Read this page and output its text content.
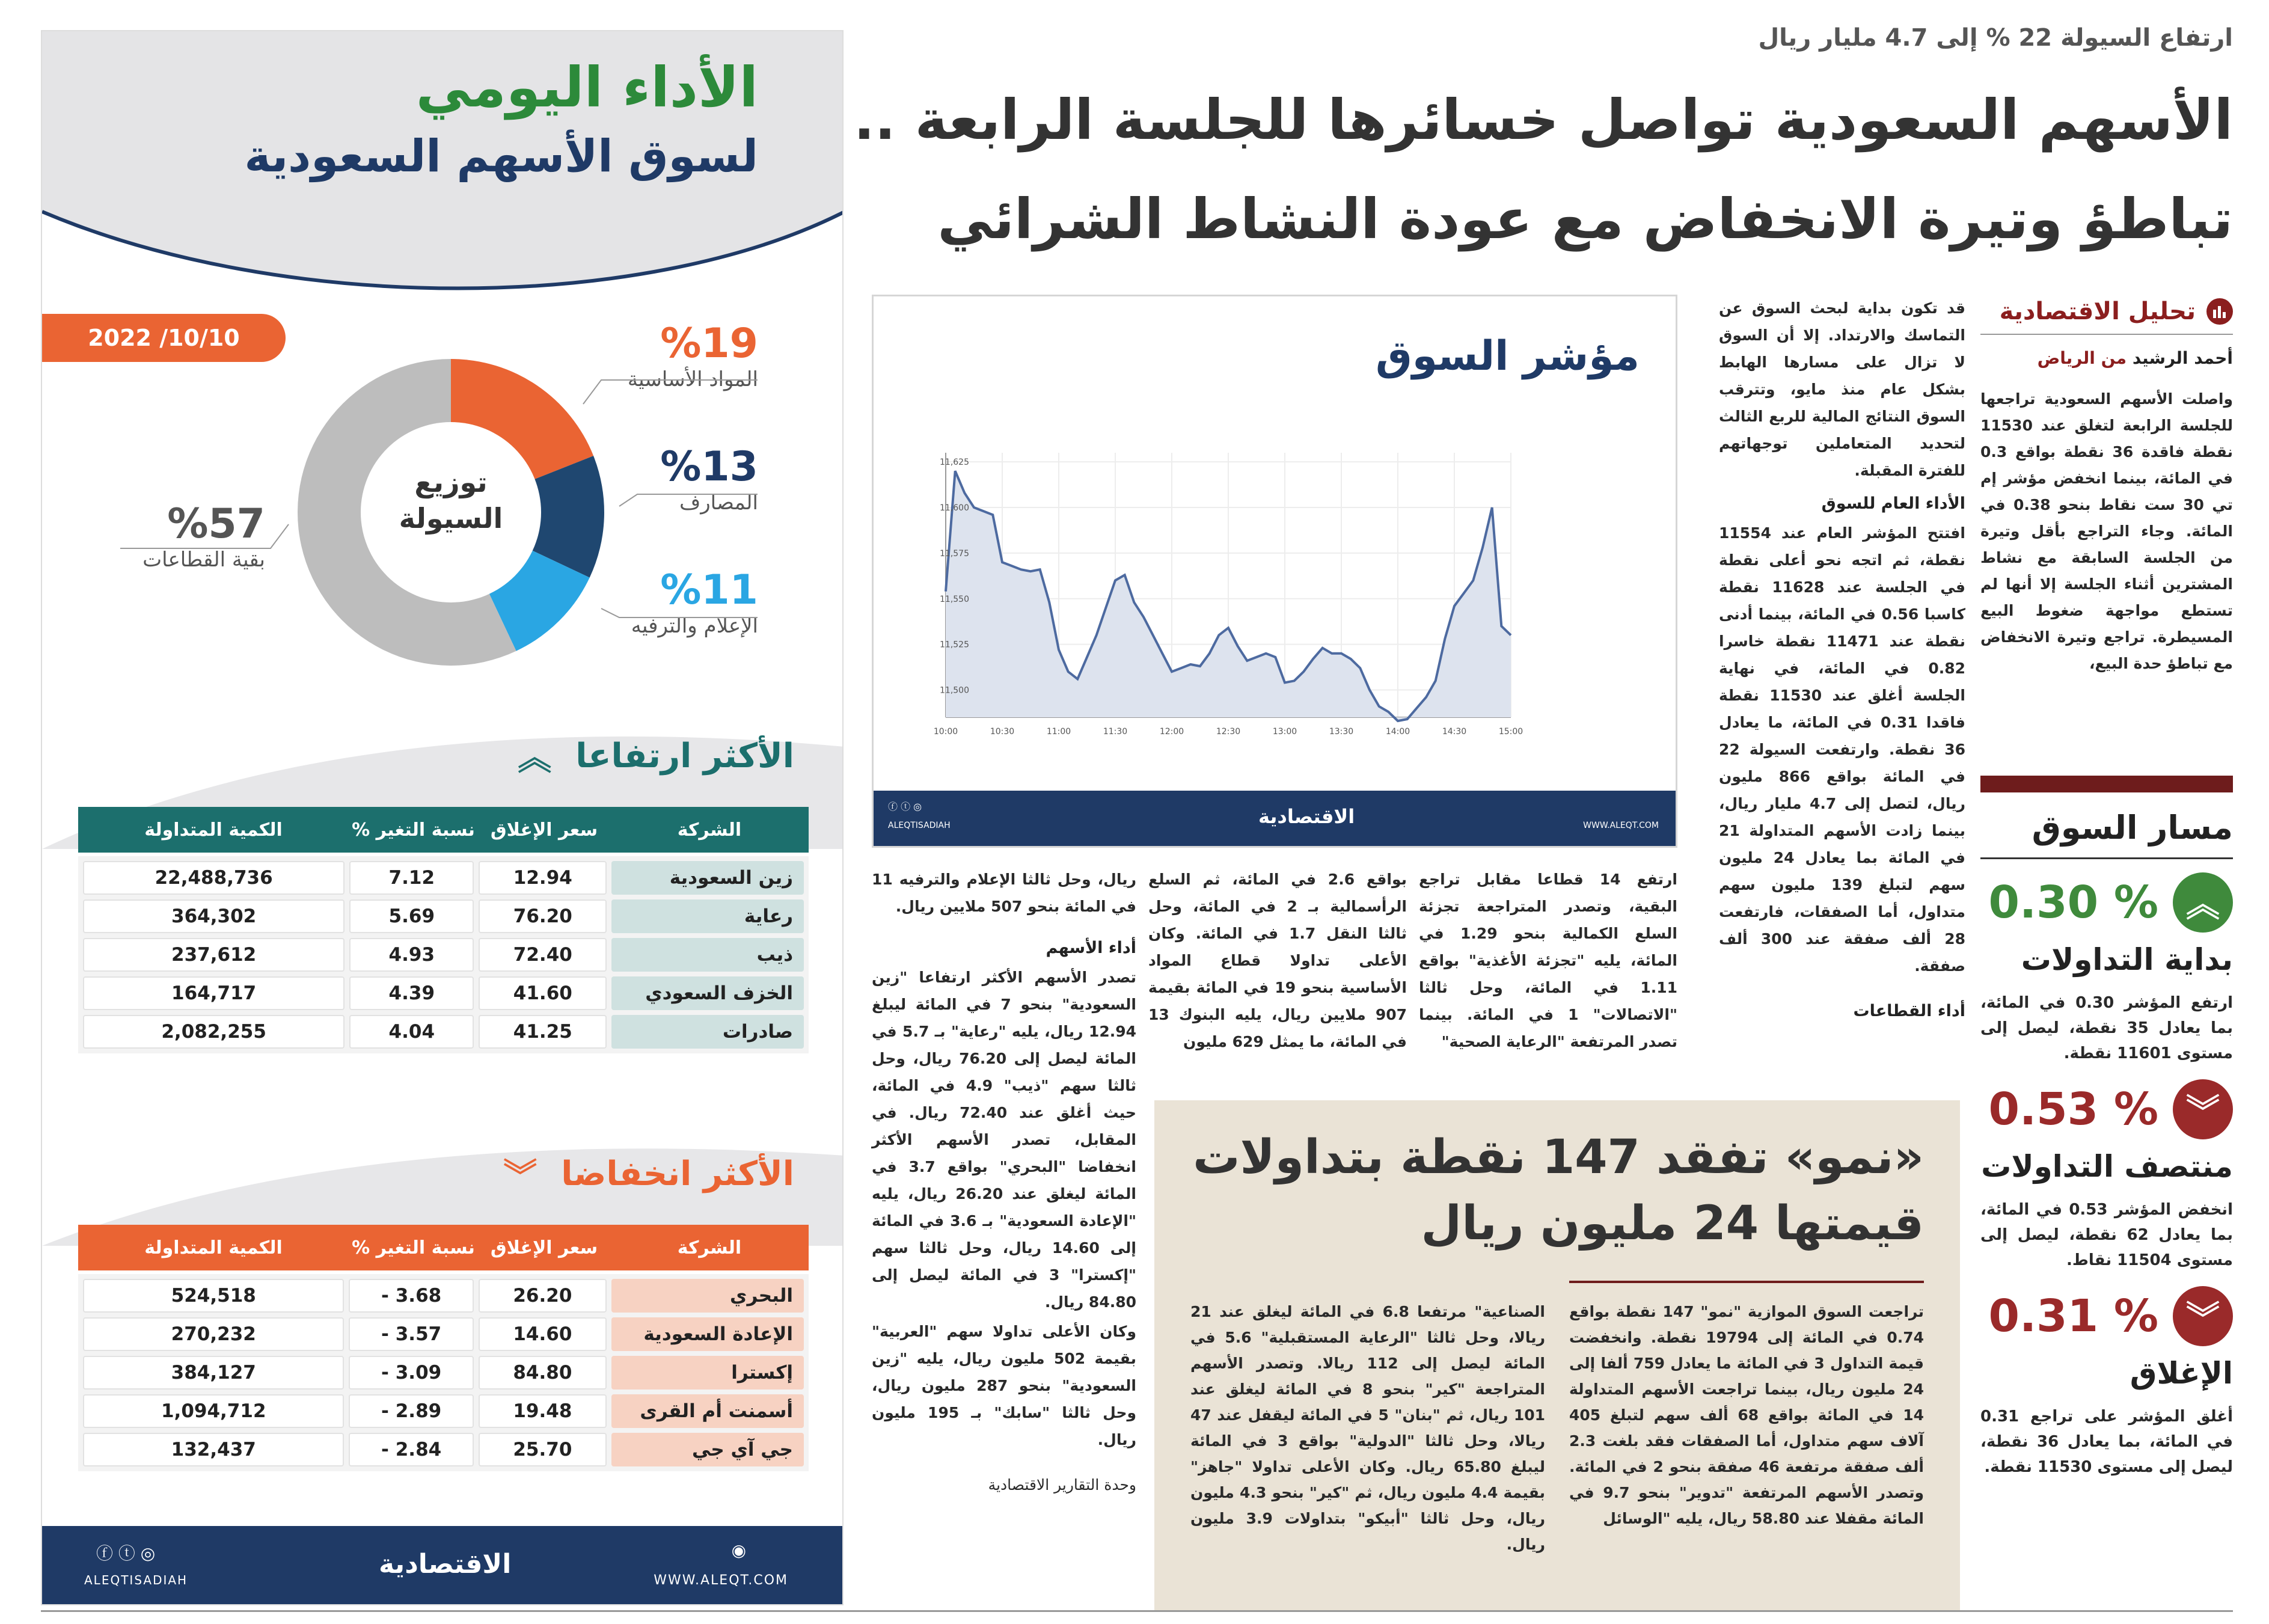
ارتفاع السيولة 22 % إلى 4.7 مليار ريال
الأسهم السعودية تواصل خسائرها للجلسة الرابعة ..
تباطؤ وتيرة الانخفاض مع عودة النشاط الشرائي
تحليل الاقتصادية
أحمد الرشيد من الرياض

واصلت الأسهم السعودية تراجعها للجلسة الرابعة لتغلق عند 11530 نقطة فاقدة 36 نقطة بواقع 0.3 في المائة، بينما انخفض مؤشر إم تي 30 ست نقاط بنحو 0.38 في المائة. وجاء التراجع بأقل وتيرة من الجلسة السابقة مع نشاط المشترين أثناء الجلسة إلا أنها لم تستطع مواجهة ضغوط البيع المسيطرة. تراجع وتيرة الانخفاض مع تباطؤ حدة البيع،

مسار السوق
︽
% 0.30
بداية التداولات

ارتفع المؤشر 0.30 في المائة، بما يعادل 35 نقطة، ليصل إلى مستوى 11601 نقطة.

︾
% 0.53
منتصف التداولات

انخفض المؤشر 0.53 في المائة، بما يعادل 62 نقطة، ليصل إلى مستوى 11504 نقاط.

︾
% 0.31
الإغلاق

أغلق المؤشر على تراجع 0.31 في المائة، بما يعادل 36 نقطة، ليصل إلى مستوى 11530 نقطة.

قد تكون بداية لبحث السوق عن التماسك والارتداد. إلا أن السوق لا تزال على مسارها الهابط بشكل عام منذ مايو، وتترقب السوق النتائج المالية للربع الثالث لتحديد المتعاملين توجهاتهم للفترة المقبلة.

الأداء العام للسوق

افتتح المؤشر العام عند 11554 نقطة، ثم اتجه نحو أعلى نقطة في الجلسة عند 11628 نقطة كاسبا 0.56 في المائة، بينما أدنى نقطة عند 11471 نقطة خاسرا 0.82 في المائة، في نهاية الجلسة أغلق عند 11530 نقطة فاقدا 0.31 في المائة، ما يعادل 36 نقطة. وارتفعت السيولة 22 في المائة بواقع 866 مليون ريال، لتصل إلى 4.7 مليار ريال، بينما زادت الأسهم المتداولة 21 في المائة بما يعادل 24 مليون سهم لتبلغ 139 مليون سهم متداول، أما الصفقات، فارتفعت 28 ألف صفقة عند 300 ألف صفقة.

أداء القطاعات
مؤشر السوق
11,500
11,525
11,550
11,575
11,600
11,625
10:00	10:30	11:00	11:30	12:00	12:30	13:00	13:30	14:00	14:30	15:00
الاقتصادية
◎ ⓕ ⓣ
ALEQTISADIAH	WWW.ALEQT.COM
ارتفع 14 قطاعا مقابل تراجع البقية، وتصدر المتراجعة تجزئة السلع الكمالية بنحو 1.29 في المائة، يليه "تجزئة الأغذية" بواقع 1.11 في المائة، وحل ثالثا "الاتصالات" 1 في المائة. بينما تصدر المرتفعة "الرعاية الصحية"
بواقع 2.6 في المائة، ثم السلع الرأسمالية بـ 2 في المائة، وحل ثالثا النقل 1.7 في المائة. وكان الأعلى تداولا قطاع المواد الأساسية بنحو 19 في المائة بقيمة 907 ملايين ريال، يليه البنوك 13 في المائة، ما يمثل 629 مليون

ريال، وحل ثالثا الإعلام والترفيه 11 في المائة بنحو 507 ملايين ريال.

أداء الأسهم

تصدر الأسهم الأكثر ارتفاعا "زين السعودية" بنحو 7 في المائة ليبلغ 12.94 ريال، يليه "رعاية" بـ 5.7 في المائة ليصل إلى 76.20 ريال، وحل ثالثا سهم "ذيب" 4.9 في المائة، حيث أغلق عند 72.40 ريال. في المقابل، تصدر الأسهم الأكثر انخفاضا "البحري" بواقع 3.7 في المائة ليغلق عند 26.20 ريال، يليه "الإعادة السعودية" بـ 3.6 في المائة إلى 14.60 ريال، وحل ثالثا سهم "إكسترا" 3 في المائة ليصل إلى 84.80 ريال.

وكان الأعلى تداولا سهم "العربية" بقيمة 502 مليون ريال، يليه "زين السعودية" بنحو 287 مليون ريال، وحل ثالثا "سابك" بـ 195 مليون ريال.

وحدة التقارير الاقتصادية
«نمو» تفقد 147 نقطة بتداولات
قيمتها 24 مليون ريال
تراجعت السوق الموازية "نمو" 147 نقطة بواقع 0.74 في المائة إلى 19794 نقطة. وانخفضت قيمة التداول 3 في المائة ما يعادل 759 ألفا إلى 24 مليون ريال، بينما تراجعت الأسهم المتداولة 14 في المائة بواقع 68 ألف سهم لتبلغ 405 آلاف سهم متداول، أما الصفقات فقد بلغت 2.3 ألف صفقة مرتفعة 46 صفقة بنحو 2 في المائة. وتصدر الأسهم المرتفعة "تدوير" بنحو 9.7 في المائة مقفلا عند 58.80 ريال، يليه "الوسائل
الصناعية" مرتفعا 6.8 في المائة ليغلق عند 21 ريالا، وحل ثالثا "الرعاية المستقبلية" 5.6 في المائة ليصل إلى 112 ريالا. وتصدر الأسهم المتراجعة "كير" بنحو 8 في المائة ليغلق عند 101 ريال، ثم "بنان" 5 في المائة ليقفل عند 47 ريالا، وحل ثالثا "الدولية" بواقع 3 في المائة ليبلغ 65.80 ريال. وكان الأعلى تداولا "جاهز" بقيمة 4.4 مليون ريال، ثم "كير" بنحو 4.3 مليون ريال، وحل ثالثا "أبيكو" بتداولات 3.9 مليون ريال.
الأداء اليومي
لسوق الأسهم السعودية
10/10/ 2022
توزيع
السيولة
%19
المواد الأساسية
%13
المصارف
%11
الإعلام والترفيه
%57
بقية القطاعات
الأكثر ارتفاعا
︽
الشركة
سعر الإغلاق
نسبة التغير %
الكمية المتداولة
زين السعودية	12.94	7.12	22,488,736
رعاية	76.20	5.69	364,302
ذيب	72.40	4.93	237,612
الخزف السعودي	41.60	4.39	164,717
صادرات	41.25	4.04	2,082,255
الأكثر انخفاضا
︾
الشركة
سعر الإغلاق
نسبة التغير %
الكمية المتداولة
البحري	26.20	3.68 -	524,518
الإعادة السعودية	14.60	3.57 -	270,232
إكسترا	84.80	3.09 -	384,127
أسمنت أم القرى	19.48	2.89 -	1,094,712
جي آي جي	25.70	2.84 -	132,437
الاقتصادية
◎ ⓕ ⓣ
ALEQTISADIAH	WWW.ALEQT.COM
◉
